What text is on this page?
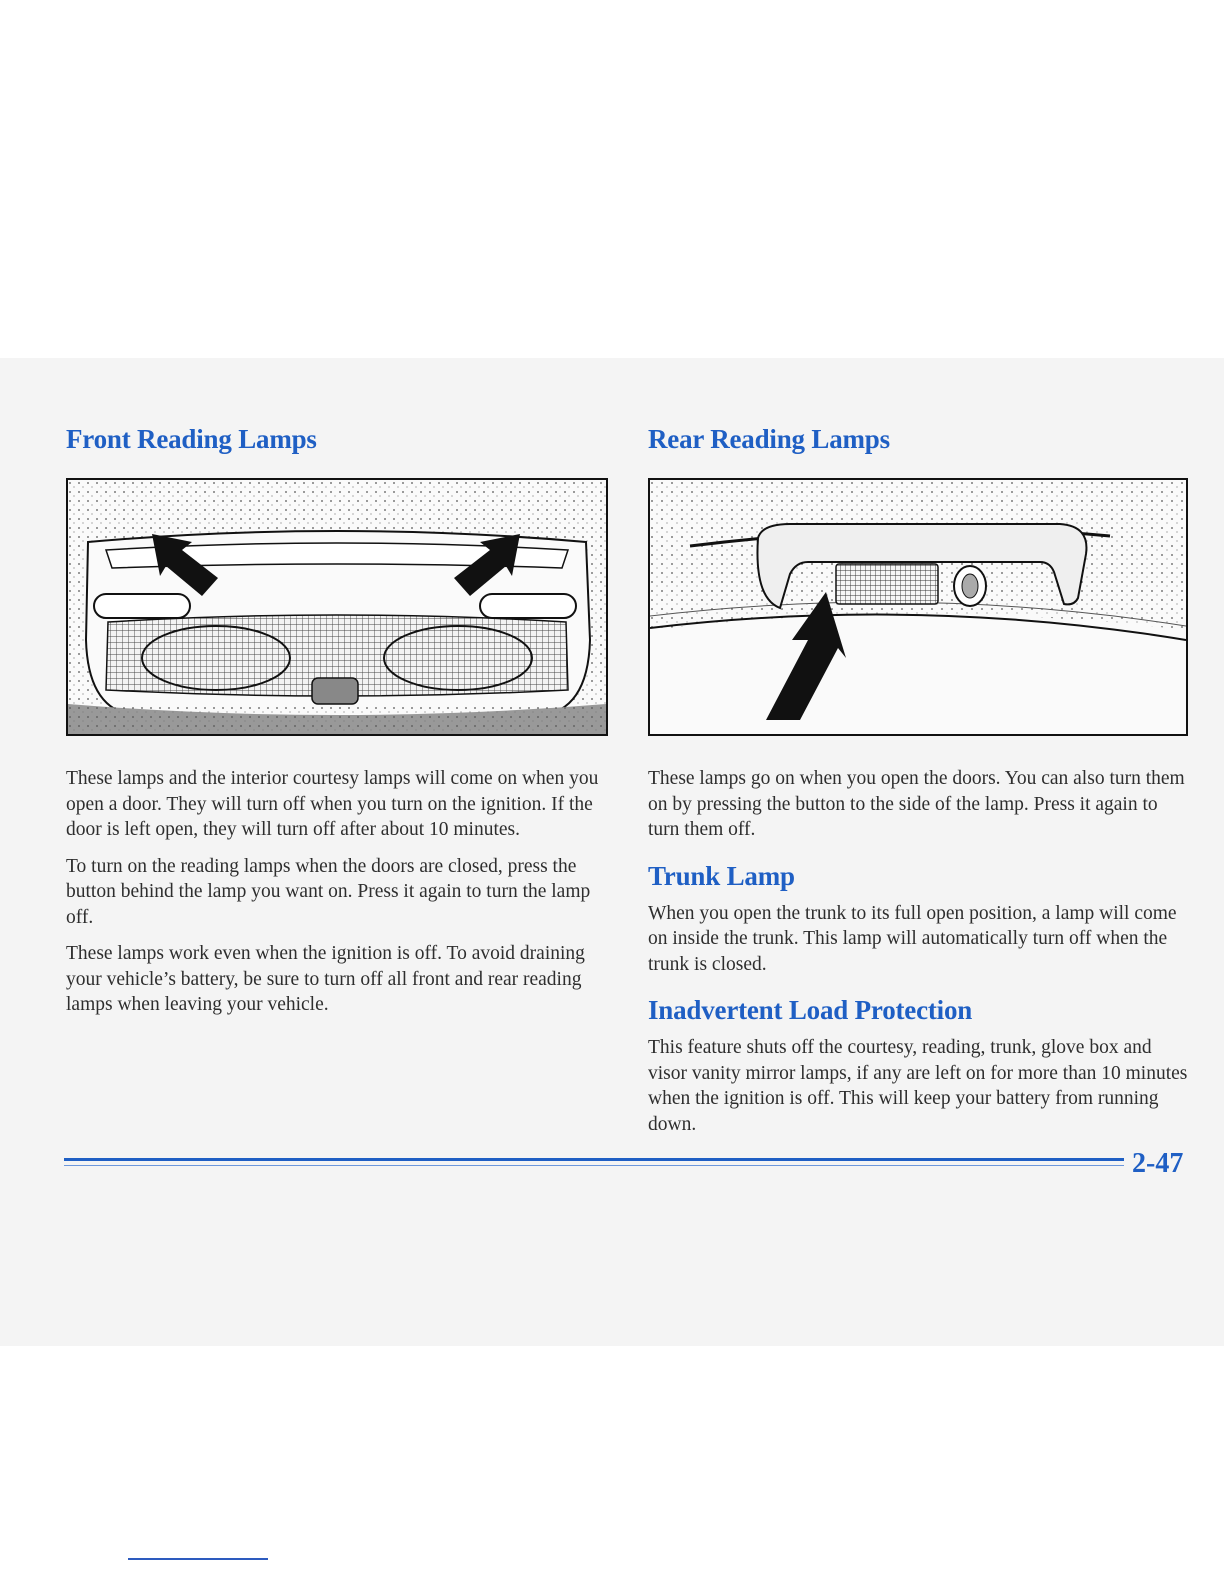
Front Reading Lamps

These lamps and the interior courtesy lamps will come on when you open a door. They will turn off when you turn on the ignition. If the door is left open, they will turn off after about 10 minutes.

To turn on the reading lamps when the doors are closed, press the button behind the lamp you want on. Press it again to turn the lamp off.

These lamps work even when the ignition is off. To avoid draining your vehicle’s battery, be sure to turn off all front and rear reading lamps when leaving your vehicle.

Rear Reading Lamps

These lamps go on when you open the doors. You can also turn them on by pressing the button to the side of the lamp. Press it again to turn them off.

Trunk Lamp

When you open the trunk to its full open position, a lamp will come on inside the trunk. This lamp will automatically turn off when the trunk is closed.

Inadvertent Load Protection

This feature shuts off the courtesy, reading, trunk, glove box and visor vanity mirror lamps, if any are left on for more than 10 minutes when the ignition is off. This will keep your battery from running down.

2-47
